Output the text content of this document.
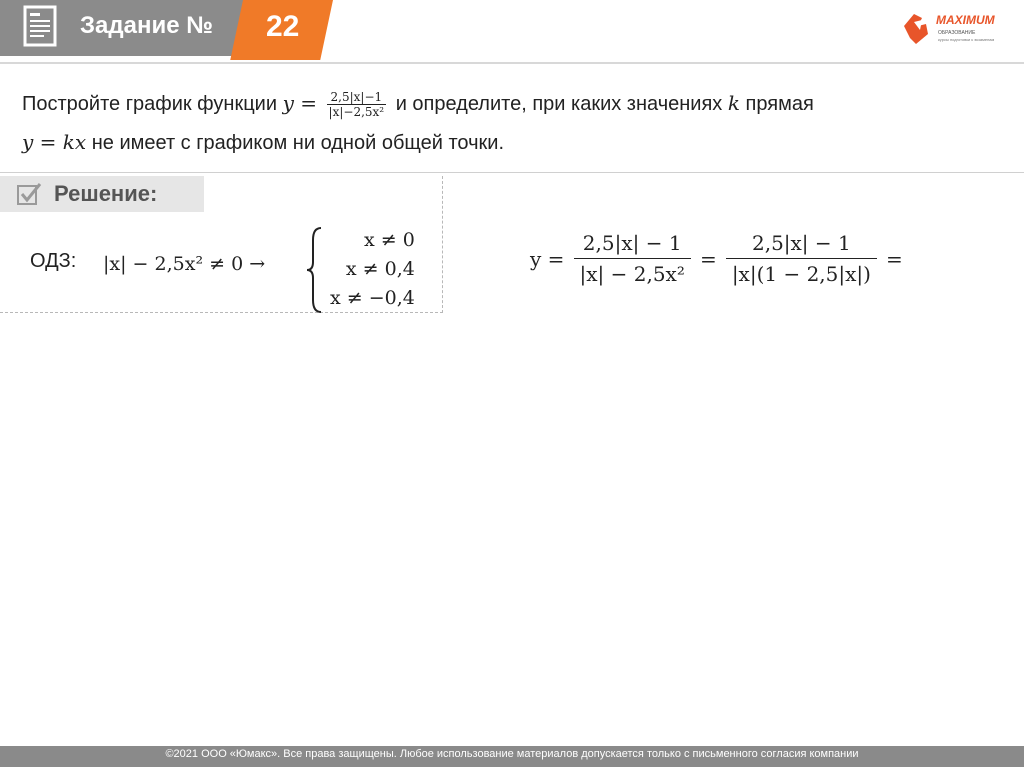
Задание № 22	MAXIMUM
ОБРАЗОВАНИЕ
курсы подготовки к экзаменам
Постройте график функции $y = \frac{2,5|x|-1}{\text{|x|−2,5x²}}$ и определите, при каких значениях k прямая
y = kx не имеет с графиком ни одной общей точки.
Решение:
ОДЗ: |x| − 2,5x² ≠ 0 →
x ≠ 0
x ≠ 0,4
x ≠ −0,4
$y = \frac{2,5|x| - 1}{\text{|x| − 2,5x²}} = \frac{2,5|x| - 1}{|x|(1 - 2,5|x|)}$ =
©2021 ООО «Юмакс». Все права защищены. Любое использование материалов допускается только с письменного согласия компании
